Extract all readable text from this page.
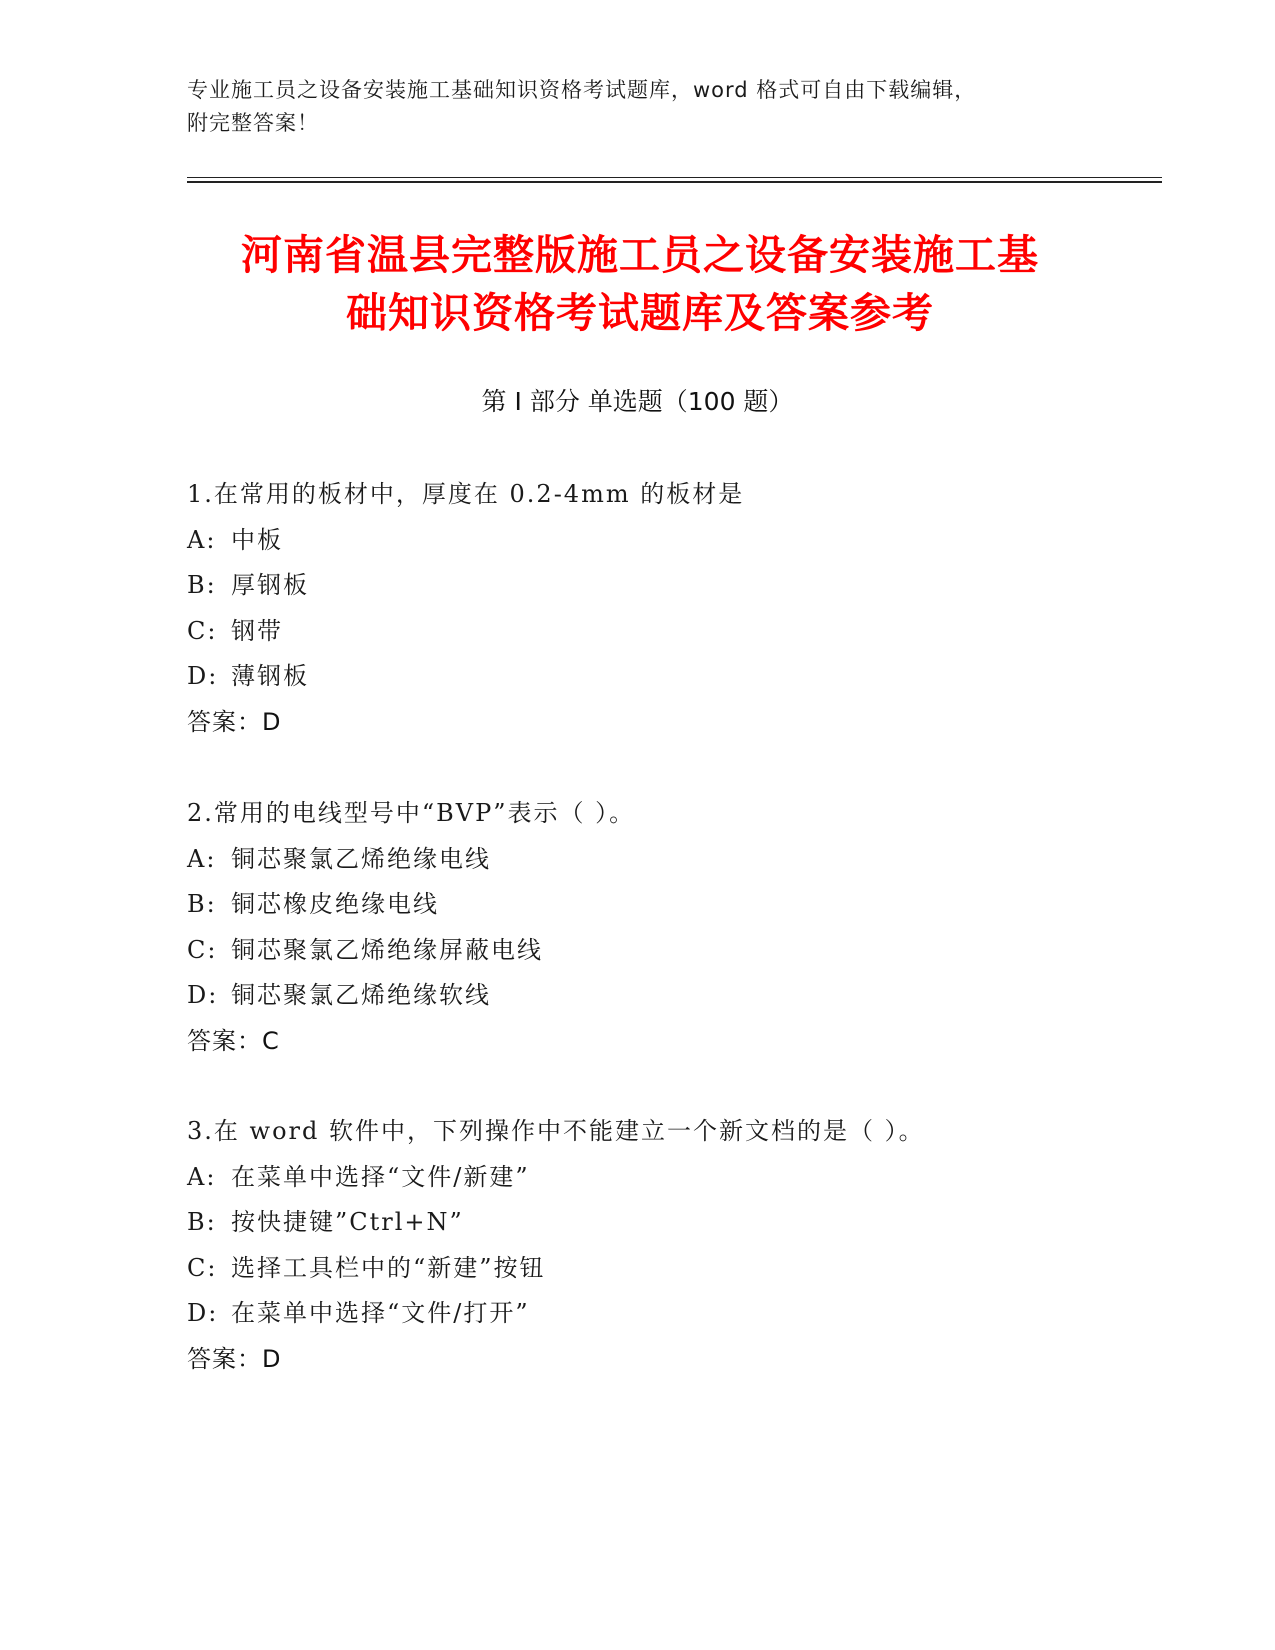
专业施工员之设备安装施工基础知识资格考试题库，word 格式可自由下载编辑，
附完整答案！
河南省温县完整版施工员之设备安装施工基
础知识资格考试题库及答案参考
第 I 部分 单选题（100 题）
1.在常用的板材中，厚度在 0.2-4mm 的板材是
A: 中板
B: 厚钢板
C: 钢带
D: 薄钢板
答案：D
2.常用的电线型号中“BVP”表示（ ）。
A: 铜芯聚氯乙烯绝缘电线
B: 铜芯橡皮绝缘电线
C: 铜芯聚氯乙烯绝缘屏蔽电线
D: 铜芯聚氯乙烯绝缘软线
答案：C
3.在 word 软件中，下列操作中不能建立一个新文档的是（ ）。
A: 在菜单中选择“文件/新建”
B: 按快捷键”Ctrl+N”
C: 选择工具栏中的“新建”按钮
D: 在菜单中选择“文件/打开”
答案：D
